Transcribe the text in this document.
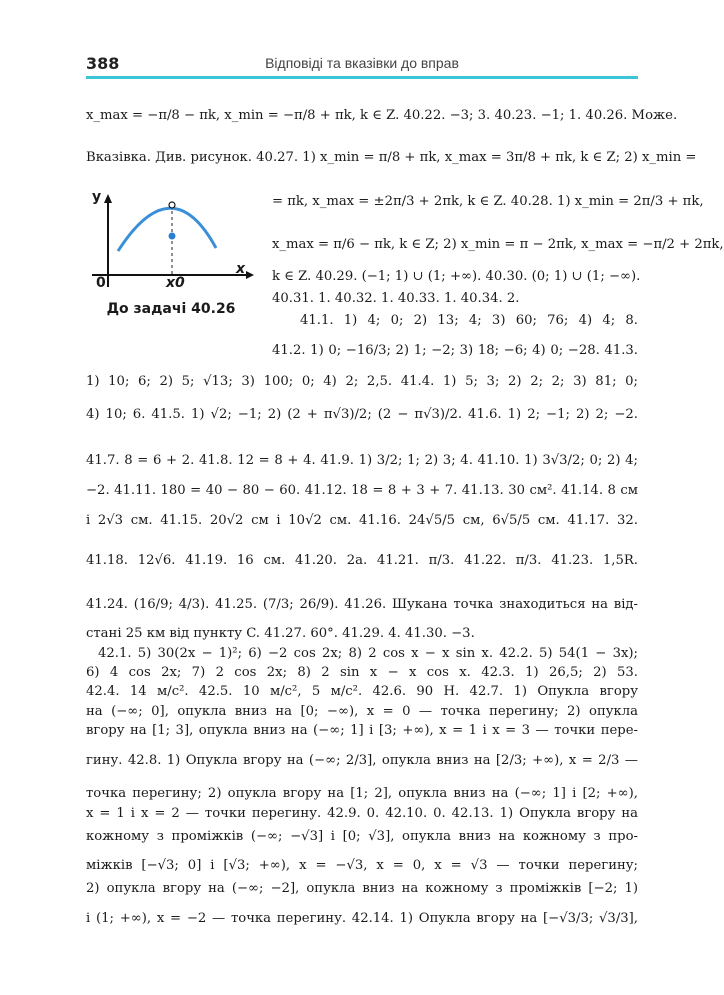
388	Відповіді та вказівки до вправ
y
x
0	x0
До задачі 40.26
x_max = −π/8 − πk, x_min = −π/8 + πk, k ∈ Z. 40.22. −3; 3. 40.23. −1; 1. 40.26. Може.
Вказівка. Див. рисунок. 40.27. 1) x_min = π/8 + πk, x_max = 3π/8 + πk, k ∈ Z; 2) x_min =
= πk, x_max = ±2π/3 + 2πk, k ∈ Z. 40.28. 1) x_min = 2π/3 + πk,
x_max = π/6 − πk, k ∈ Z; 2) x_min = π − 2πk, x_max = −π/2 + 2πk,
k ∈ Z. 40.29. (−1; 1) ∪ (1; +∞). 40.30. (0; 1) ∪ (1; −∞).
40.31. 1. 40.32. 1. 40.33. 1. 40.34. 2.
41.1. 1) 4; 0; 2) 13; 4; 3) 60; 76; 4) 4; 8.
41.2. 1) 0; −16/3; 2) 1; −2; 3) 18; −6; 4) 0; −28. 41.3.
1) 10; 6; 2) 5; √13; 3) 100; 0; 4) 2; 2,5. 41.4. 1) 5; 3; 2) 2; 2; 3) 81; 0;
4) 10; 6. 41.5. 1) √2; −1; 2) (2 + π√3)/2; (2 − π√3)/2. 41.6. 1) 2; −1; 2) 2; −2.
41.7. 8 = 6 + 2. 41.8. 12 = 8 + 4. 41.9. 1) 3/2; 1; 2) 3; 4. 41.10. 1) 3√3/2; 0; 2) 4;
−2. 41.11. 180 = 40 − 80 − 60. 41.12. 18 = 8 + 3 + 7. 41.13. 30 см². 41.14. 8 см
і 2√3 см. 41.15. 20√2 см і 10√2 см. 41.16. 24√5/5 см, 6√5/5 см. 41.17. 32.
41.18. 12√6. 41.19. 16 см. 41.20. 2a. 41.21. π/3. 41.22. π/3. 41.23. 1,5R.
41.24. (16/9; 4/3). 41.25. (7/3; 26/9). 41.26. Шукана точка знаходиться на від-
стані 25 км від пункту C. 41.27. 60°. 41.29. 4. 41.30. −3.
42.1. 5) 30(2x − 1)²; 6) −2 cos 2x; 8) 2 cos x − x sin x. 42.2. 5) 54(1 − 3x);
6) 4 cos 2x; 7) 2 cos 2x; 8) 2 sin x − x cos x. 42.3. 1) 26,5; 2) 53.
42.4. 14 м/с². 42.5. 10 м/с², 5 м/с². 42.6. 90 Н. 42.7. 1) Опукла вгору
на (−∞; 0], опукла вниз на [0; −∞), x = 0 — точка перегину; 2) опукла
вгору на [1; 3], опукла вниз на (−∞; 1] і [3; +∞), x = 1 і x = 3 — точки пере-
гину. 42.8. 1) Опукла вгору на (−∞; 2/3], опукла вниз на [2/3; +∞), x = 2/3 —
точка перегину; 2) опукла вгору на [1; 2], опукла вниз на (−∞; 1] і [2; +∞),
x = 1 і x = 2 — точки перегину. 42.9. 0. 42.10. 0. 42.13. 1) Опукла вгору на
кожному з проміжків (−∞; −√3] і [0; √3], опукла вниз на кожному з про-
міжків [−√3; 0] і [√3; +∞), x = −√3, x = 0, x = √3 — точки перегину;
2) опукла вгору на (−∞; −2], опукла вниз на кожному з проміжків [−2; 1)
і (1; +∞), x = −2 — точка перегину. 42.14. 1) Опукла вгору на [−√3/3; √3/3],
